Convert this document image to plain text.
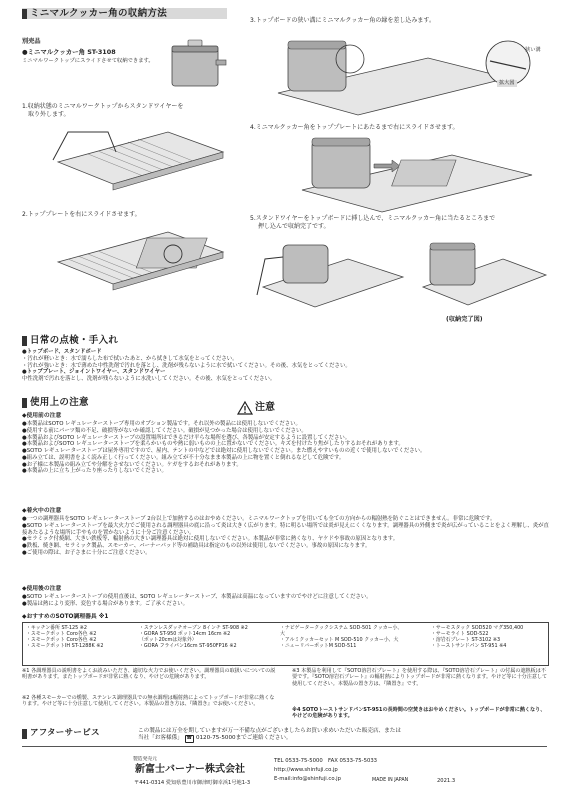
ミニマルクッカー角の収納方法
別売品
●ミニマルクッカー角 ST-3108
ミニマルワークトップにスライドさせて収納できます。
1.収納状態のミニマルワークトップからスタンドワイヤーを
取り外します。
2.トッププレートを右にスライドさせます。
3.トップボードの狭い溝にミニマルクッカー角の縁を差し込みます。
狭い溝
拡大図
4.ミニマルクッカー角をトッププレートにあたるまで右にスライドさせます。
5.スタンドワイヤーをトップボードに挿し込んで、ミニマルクッカー角に当たるところまで
押し込んで収納完了です。
(収納完了図)
日常の点検・手入れ
●トップボード、スタンドボード
・汚れが軽いとき：水で濡らした布で拭いたあと、から拭きして水気をとってください。
・汚れが強いとき：水で薄めた中性洗剤で汚れを落とし、洗剤が残らないように水で拭いてください。その後、水気をとってください。
●トッププレート、ジョイントワイヤー、スタンドワイヤー
中性洗剤で汚れを落とし、洗剤が残らないように水洗いしてください。その後、水気をとってください。
使用上の注意	注意
◆使用前の注意
●本製品はSOTO レギュレーターストーブ専用のオプション製品です。それ以外の製品には使用しないでください。
●使用する前にパーツ類の不足、破損等がないか確認してください。破損が見つかった場合は使用しないでください。
●本製品およびSOTO レギュレーターストーブの設置場所はできるだけ平らな場所を選び、各製品が安定するように設置してください。
●本製品およびSOTO レギュレーターストーブを柔らかいものや熱に弱いものの上に置かないでください。キズを付けたり焦がしたりするおそれがあります。
●SOTO レギュレーターストーブは屋外専用ですので、屋内、テントの中などでは絶対に使用しないでください。また燃えやすいものの近くで使用しないでください。
●組み立ては、説明書をよく読み正しく行ってください。組み立てが不十分なまま本製品の上に物を置くと倒れるなどして危険です。
●お子様に本製品の組み立てや分解をさせないでください。ケガをするおそれがあります。
●本製品の上に立ち上がったり座ったりしないでください。
◆着火中の注意
●一つの調理器具をSOTO レギュレーターストーブ 2台以上で加熱するのはおやめください。ミニマルワークトップを用いても全ての方向からの輻射熱を防ぐことはできません。非常に危険です。
●SOTO レギュレーターストーブを最大火力でご使用される調理器具の底に沿って炎は大きく広がります。特に明るい場所では炎が見えにくくなります。調理器具の外側まで炎が広がっていることをよく理解し、炎が直接あたるような場所に手やものを置かないように十分ご注意ください。
●セラミック付焼網、大きい鉄板等、輻射熱の大きい調理器具は絶対に使用しないでください。本製品が非常に熱くなり、ヤケドや事故の原因となります。
●鉄板、焼き網、セラミック製品、スモーカー、バーナーパッド等の補助具は指定のもの以外は使用しないでください。事故の原因になります。
●ご使用の際は、お子さまに十分にご注意ください。
◆使用後の注意
●SOTO レギュレーターストーブの使用直後は、SOTO レギュレーターストーブ、本製品は高温になっていますのでやけどに注意してください。
●製品は熱により変形、変色する場合があります。ご了承ください。
◆おすすめのSOTO調理器具 ※1
・キッチン番所 ST-125 ※2
・スモークポット Coro各色 ※2
・スモークポット Coro各色 ※2
・スモークポットIH ST-1288K ※2
・ステンレスダッチオーブン 8インチ ST-908 ※2
・GORA ST-950 ポット14cm 16cm ※2
（ポット20cmは対象外）
・GORA フライパン16cm ST-950FP16 ※2
・ナビゲータークックシステム SOD-501 クッカー小、
大
・アルミクッカーセット M SOD-510 クッカー小、大
・ニューリバーポットM SOD-511
・サーモスタック SOD520 マグ350,400
・サーモライト SOD-522
・溶岩石プレート ST-3102 ※3
・トーストサンドパン ST-951 ※4
※1 各調理器具の説明書をよくお読みいただき、適切な火力でお使いください。調理器具の取扱いについての説明書があります。またトップボードが非常に熱くなり、やけどの危険があります。
※2 各種スモーカーでの燻製、ステンレス調理器具での無水調理は輻射熱によってトップボードが非常に熱くなります。やけど等に十分注意して使用してください。本製品の置き方は、『隣置き』でお使いください。
※3 本製品を利用して『SOTO溶岩石プレート』を使用する際は、『SOTO溶岩石プレート』の付属の遮熱板は不要です。『SOTO溶岩石プレート』の輻射熱によりトップボードが非常に熱くなります。やけど等に十分注意して使用してください。本製品の置き方は、『隣置き』です。
※4 SOTOトーストサンドパンST-951の長時間の空焚きはおやめください。トップボードが非常に熱くなり、やけどの危険があります。
アフターサービス	この製品には万全を期していますが万一不備な点がございましたらお買い求めいただいた販売店、または
当社「お客様係」 ☎ 0120-75-5000までご連絡ください。
製造発売元
新富士バーナー株式会社
〒441-0314 愛知県豊川市御津町御幸浜1号地1-3
TEL 0533-75-5000　FAX 0533-75-5033
http://www.shinfuji.co.jp
E-mail:info@shinfuji.co.jp	MADE IN JAPAN	2021.3
